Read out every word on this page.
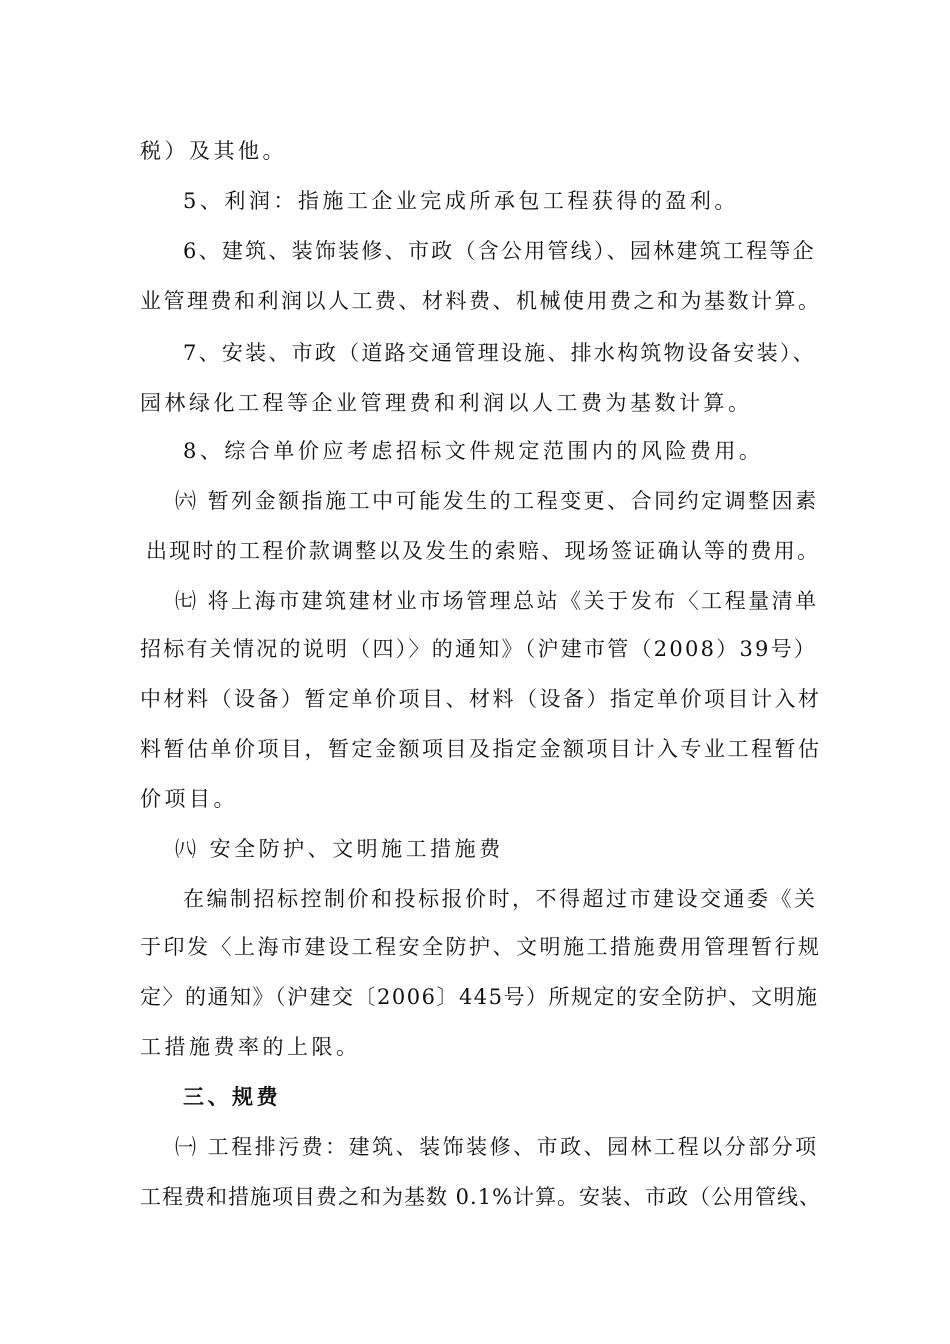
税）及其他。
5、利润：指施工企业完成所承包工程获得的盈利。
6、建筑、装饰装修、市政（含公用管线）、园林建筑工程等企
业管理费和利润以人工费、材料费、机械使用费之和为基数计算。
7、安装、市政（道路交通管理设施、排水构筑物设备安装）、
园林绿化工程等企业管理费和利润以人工费为基数计算。
8、综合单价应考虑招标文件规定范围内的风险费用。
㈥ 暂列金额指施工中可能发生的工程变更、合同约定调整因素
出现时的工程价款调整以及发生的索赔、现场签证确认等的费用。
㈦ 将上海市建筑建材业市场管理总站《关于发布〈工程量清单
招标有关情况的说明（四）〉的通知》（沪建市管（2008）39号）
中材料（设备）暂定单价项目、材料（设备）指定单价项目计入材
料暂估单价项目，暂定金额项目及指定金额项目计入专业工程暂估
价项目。
㈧ 安全防护、文明施工措施费
在编制招标控制价和投标报价时，不得超过市建设交通委《关
于印发〈上海市建设工程安全防护、文明施工措施费用管理暂行规
定〉的通知》（沪建交〔2006〕445号）所规定的安全防护、文明施
工措施费率的上限。
三、规费
㈠ 工程排污费：建筑、装饰装修、市政、园林工程以分部分项
工程费和措施项目费之和为基数 0.1%计算。安装、市政（公用管线、
